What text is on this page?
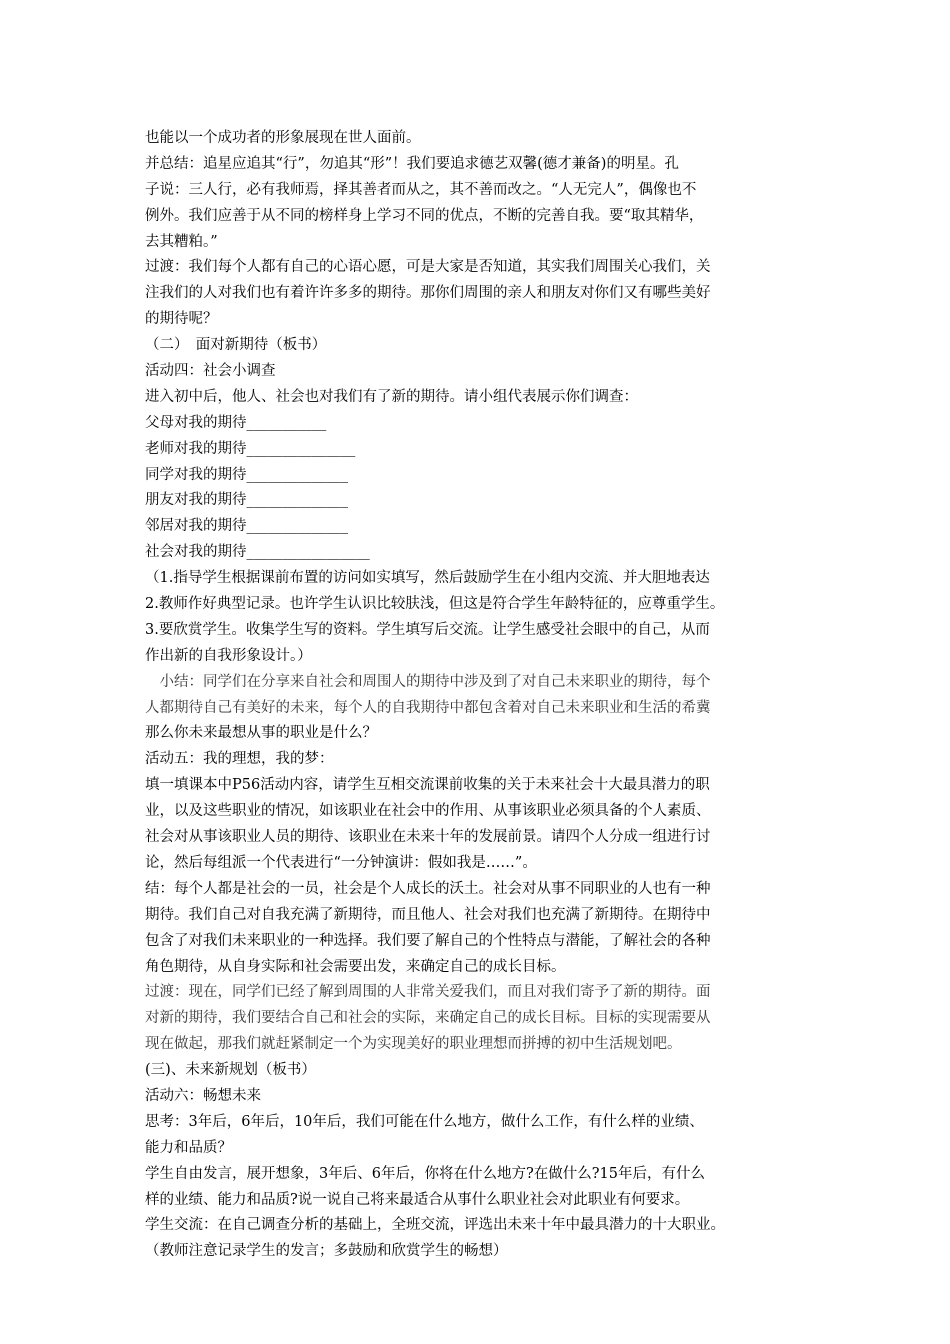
也能以一个成功者的形象展现在世人面前。
并总结：追星应追其“行”，勿追其“形”！我们要追求德艺双馨(德才兼备)的明星。孔
子说：三人行，必有我师焉，择其善者而从之，其不善而改之。“人无完人”，偶像也不
例外。我们应善于从不同的榜样身上学习不同的优点，不断的完善自我。要“取其精华，
去其糟粕。”
过渡：我们每个人都有自己的心语心愿，可是大家是否知道，其实我们周围关心我们，关
注我们的人对我们也有着许许多多的期待。那你们周围的亲人和朋友对你们又有哪些美好
的期待呢？
（二）　面对新期待（板书）
活动四：社会小调查
进入初中后，他人、社会也对我们有了新的期待。请小组代表展示你们调查：
父母对我的期待___________
老师对我的期待_______________
同学对我的期待______________
朋友对我的期待______________
邻居对我的期待______________
社会对我的期待_________________
（1.指导学生根据课前布置的访问如实填写，然后鼓励学生在小组内交流、并大胆地表达
2.教师作好典型记录。也许学生认识比较肤浅，但这是符合学生年龄特征的，应尊重学生。
3.要欣赏学生。收集学生写的资料。学生填写后交流。让学生感受社会眼中的自己，从而
作出新的自我形象设计。）
　小结：同学们在分享来自社会和周围人的期待中涉及到了对自己未来职业的期待，每个
人都期待自己有美好的未来，每个人的自我期待中都包含着对自己未来职业和生活的希冀
那么你未来最想从事的职业是什么？
活动五：我的理想，我的梦：
填一填课本中P56活动内容，请学生互相交流课前收集的关于未来社会十大最具潜力的职
业，以及这些职业的情况，如该职业在社会中的作用、从事该职业必须具备的个人素质、
社会对从事该职业人员的期待、该职业在未来十年的发展前景。请四个人分成一组进行讨
论，然后每组派一个代表进行“一分钟演讲：假如我是……”。
结：每个人都是社会的一员，社会是个人成长的沃土。社会对从事不同职业的人也有一种
期待。我们自己对自我充满了新期待，而且他人、社会对我们也充满了新期待。在期待中
包含了对我们未来职业的一种选择。我们要了解自己的个性特点与潜能，了解社会的各种
角色期待，从自身实际和社会需要出发，来确定自己的成长目标。
过渡：现在，同学们已经了解到周围的人非常关爱我们，而且对我们寄予了新的期待。面
对新的期待，我们要结合自己和社会的实际，来确定自己的成长目标。目标的实现需要从
现在做起，那我们就赶紧制定一个为实现美好的职业理想而拼搏的初中生活规划吧。
(三)、未来新规划（板书）
活动六：畅想未来
思考：3年后，6年后，10年后，我们可能在什么地方，做什么工作，有什么样的业绩、
能力和品质？
学生自由发言，展开想象，3年后、6年后，你将在什么地方?在做什么?15年后，有什么
样的业绩、能力和品质?说一说自己将来最适合从事什么职业社会对此职业有何要求。
学生交流：在自己调查分析的基础上，全班交流，评选出未来十年中最具潜力的十大职业。
（教师注意记录学生的发言；多鼓励和欣赏学生的畅想）
